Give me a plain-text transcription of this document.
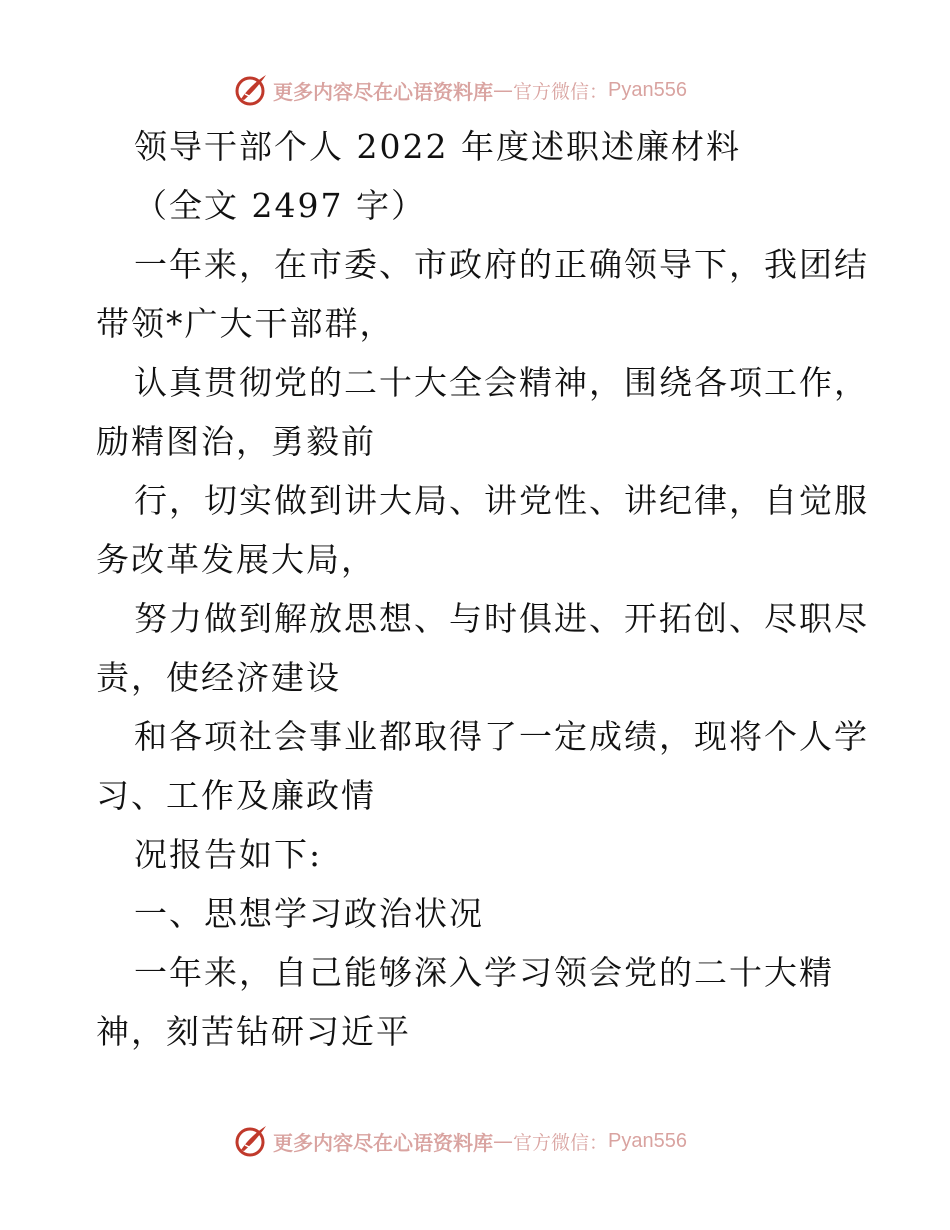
更多内容尽在心语资料库 — 官方微信： Pyan556

领导干部个人 2022 年度述职述廉材料

（全文 2497 字）

一年来，在市委、市政府的正确领导下，我团结

带领*广大干部群，

认真贯彻党的二十大全会精神，围绕各项工作，

励精图治，勇毅前

行，切实做到讲大局、讲党性、讲纪律，自觉服

务改革发展大局，

努力做到解放思想、与时俱进、开拓创、尽职尽

责，使经济建设

和各项社会事业都取得了一定成绩，现将个人学

习、工作及廉政情

况报告如下:

一、思想学习政治状况

一年来，自己能够深入学习领会党的二十大精

神，刻苦钻研习近平

更多内容尽在心语资料库 — 官方微信： Pyan556
